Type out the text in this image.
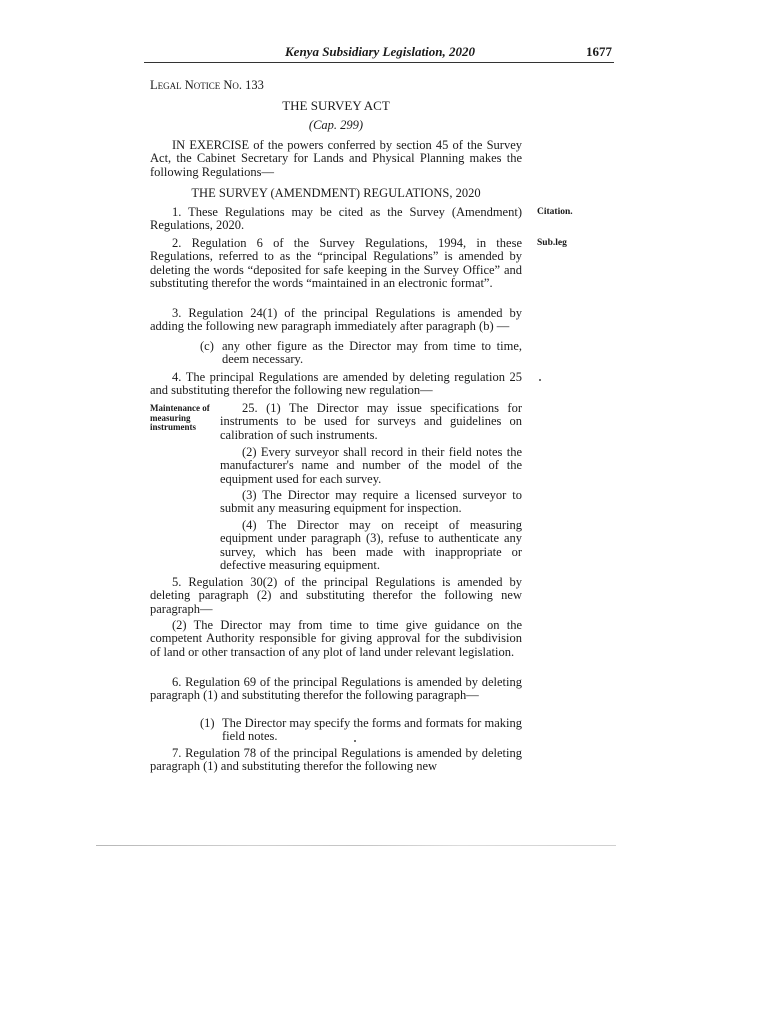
Kenya Subsidiary Legislation, 2020	1677
Legal Notice No. 133
THE SURVEY ACT
(Cap. 299)

IN EXERCISE of the powers conferred by section 45 of the Survey Act, the Cabinet Secretary for Lands and Physical Planning makes the following Regulations—

THE SURVEY (AMENDMENT) REGULATIONS, 2020

1. These Regulations may be cited as the Survey (Amendment) Regulations, 2020.

Citation.

2. Regulation 6 of the Survey Regulations, 1994, in these Regulations, referred to as the “principal Regulations” is amended by deleting the words “deposited for safe keeping in the Survey Office” and substituting therefor the words “maintained in an electronic format”.

Sub.leg

3. Regulation 24(1) of the principal Regulations is amended by adding the following new paragraph immediately after paragraph (b) —

(c) any other figure as the Director may from time to time, deem necessary.

4. The principal Regulations are amended by deleting regulation 25 and substituting therefor the following new regulation—

Maintenance of measuring instruments

25. (1) The Director may issue specifications for instruments to be used for surveys and guidelines on calibration of such instruments.

(2) Every surveyor shall record in their field notes the manufacturer's name and number of the model of the equipment used for each survey.

(3) The Director may require a licensed surveyor to submit any measuring equipment for inspection.

(4) The Director may on receipt of measuring equipment under paragraph (3), refuse to authenticate any survey, which has been made with inappropriate or defective measuring equipment.

5. Regulation 30(2) of the principal Regulations is amended by deleting paragraph (2) and substituting therefor the following new paragraph—

(2) The Director may from time to time give guidance on the competent Authority responsible for giving approval for the subdivision of land or other transaction of any plot of land under relevant legislation.

6. Regulation 69 of the principal Regulations is amended by deleting paragraph (1) and substituting therefor the following paragraph—

(1) The Director may specify the forms and formats for making field notes.

7. Regulation 78 of the principal Regulations is amended by deleting paragraph (1) and substituting therefor the following new
